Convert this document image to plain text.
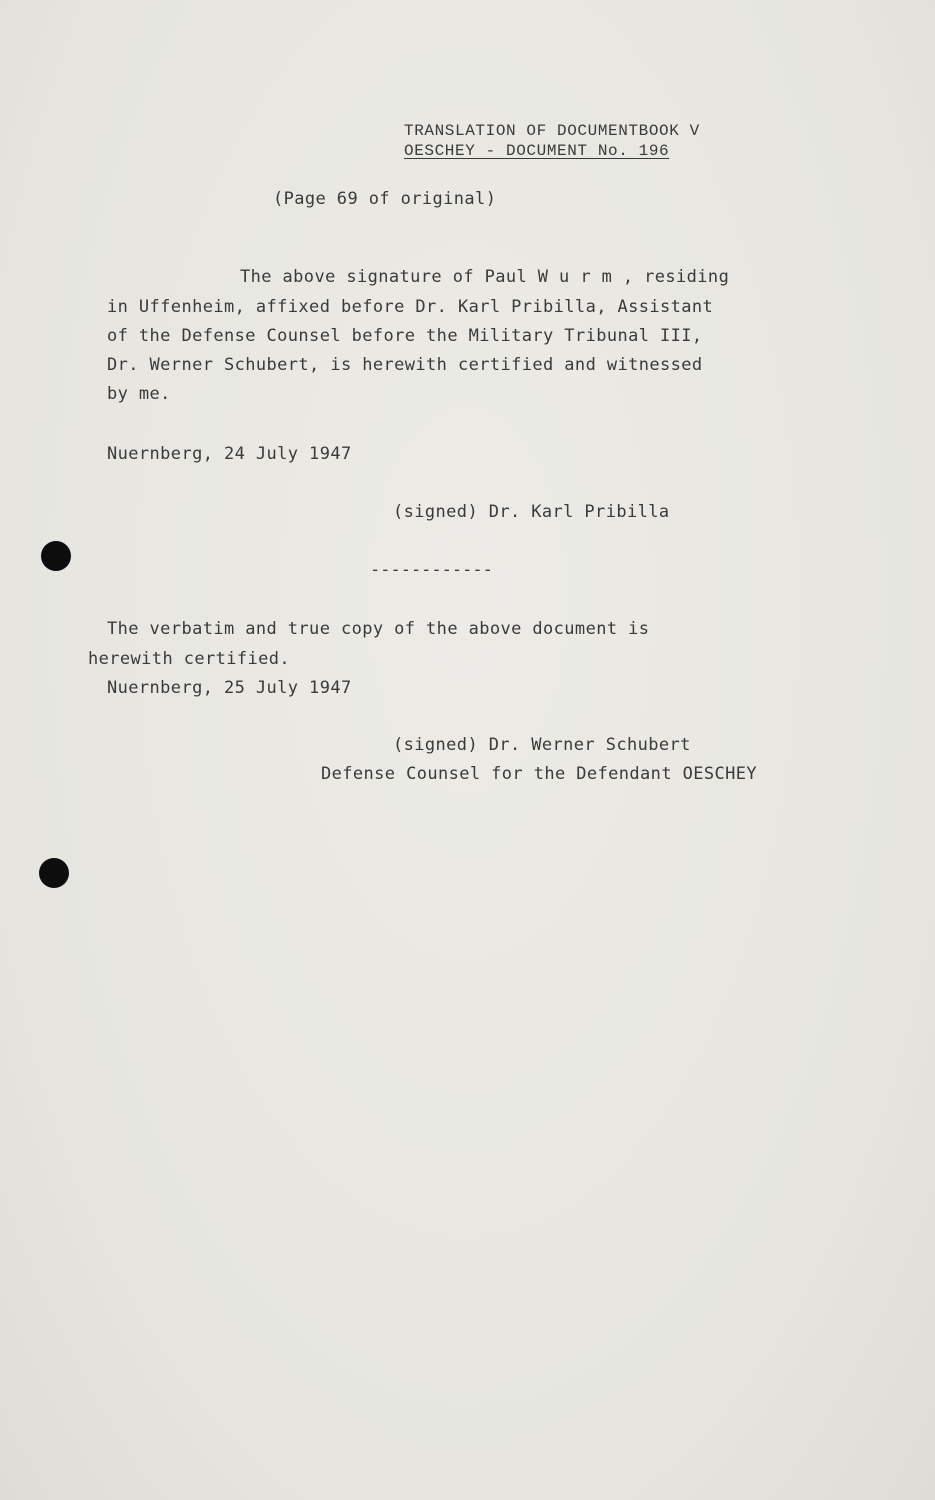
TRANSLATION OF DOCUMENTBOOK V
OESCHEY - DOCUMENT No. 196
(Page 69 of original)
The above signature of Paul W u r m , residing
in Uffenheim, affixed before Dr. Karl Pribilla, Assistant
of the Defense Counsel before the Military Tribunal III,
Dr. Werner Schubert, is herewith certified and witnessed
by me.
Nuernberg, 24 July 1947
(signed) Dr. Karl Pribilla
------------
The verbatim and true copy of the above document is
herewith certified.
Nuernberg, 25 July 1947
(signed) Dr. Werner Schubert
Defense Counsel for the Defendant OESCHEY
